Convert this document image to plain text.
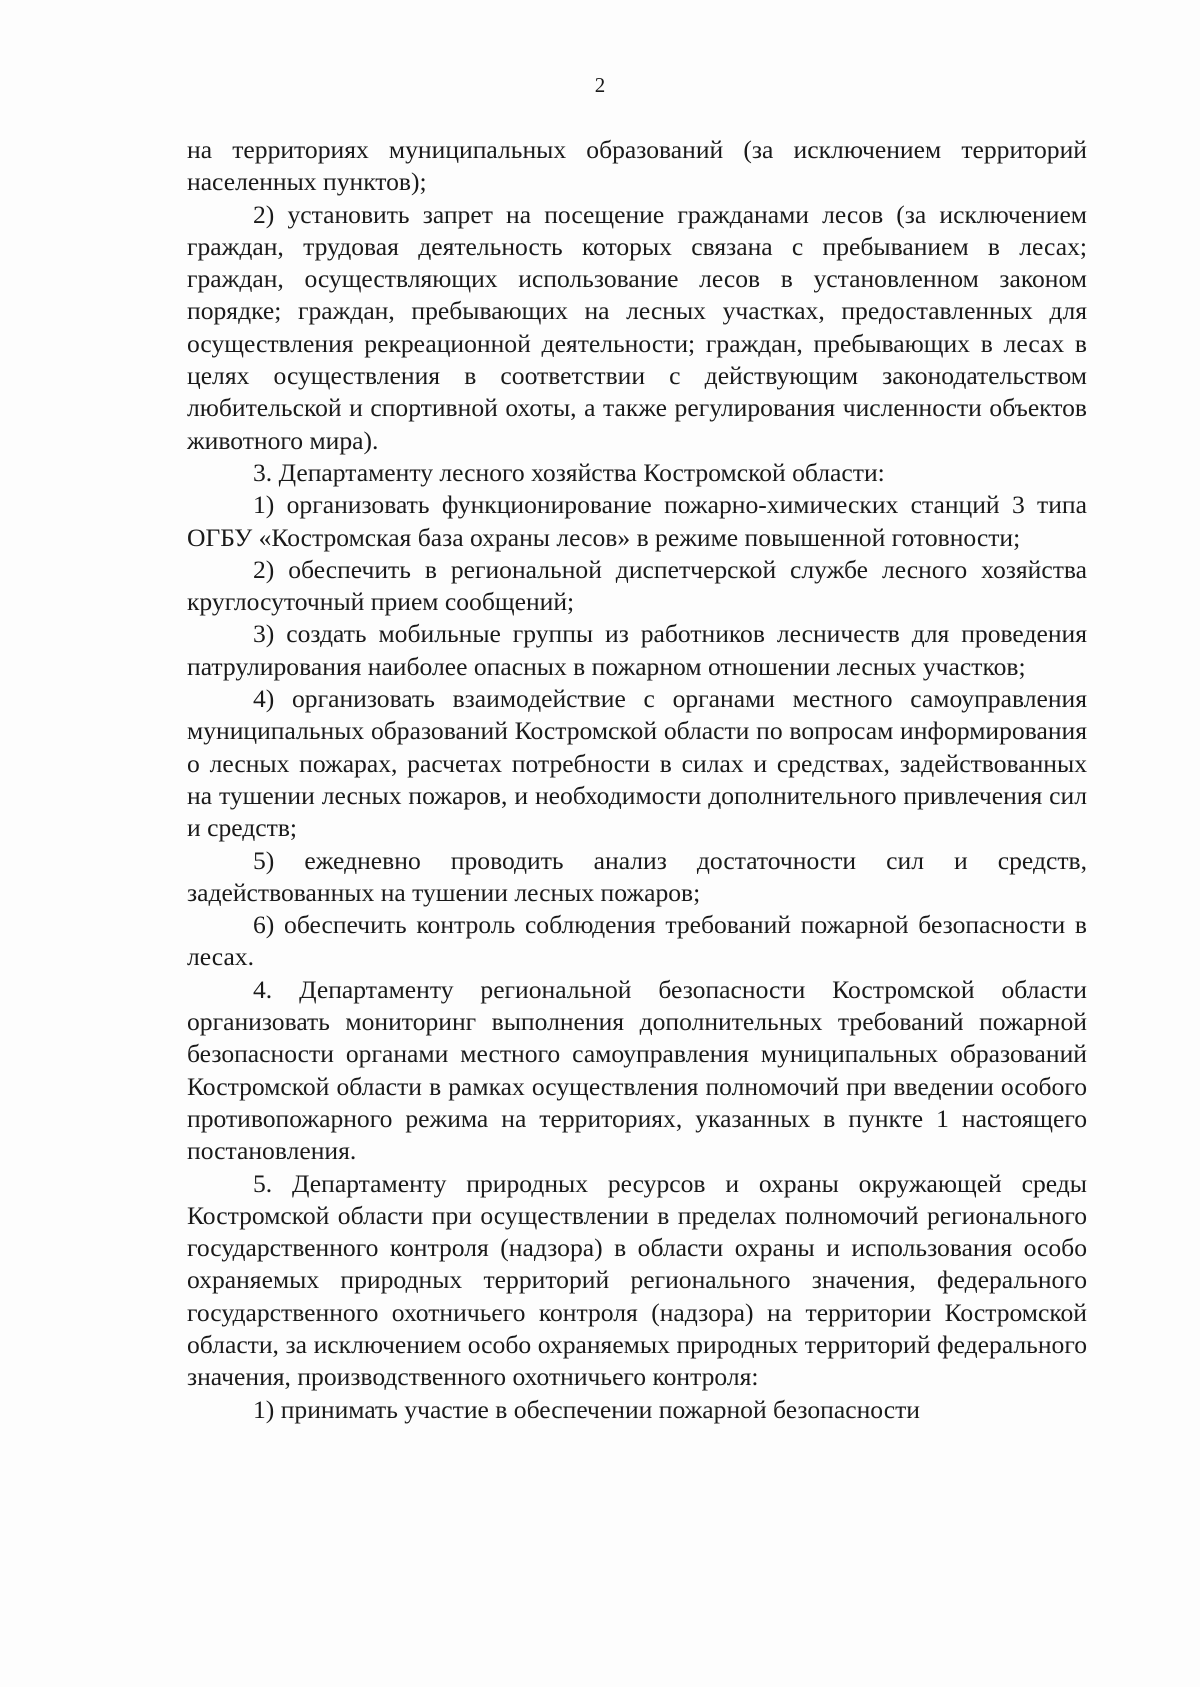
2

на территориях муниципальных образований (за исключением территорий населенных пунктов);

2) установить запрет на посещение гражданами лесов (за исключением граждан, трудовая деятельность которых связана с пребыванием в лесах; граждан, осуществляющих использование лесов в установленном законом порядке; граждан, пребывающих на лесных участках, предоставленных для осуществления рекреационной деятельности; граждан, пребывающих в лесах в целях осуществления в соответствии с действующим законодательством любительской и спортивной охоты, а также регулирования численности объектов животного мира).

3. Департаменту лесного хозяйства Костромской области:

1) организовать функционирование пожарно-химических станций 3 типа ОГБУ «Костромская база охраны лесов» в режиме повышенной готовности;

2) обеспечить в региональной диспетчерской службе лесного хозяйства круглосуточный прием сообщений;

3) создать мобильные группы из работников лесничеств для проведения патрулирования наиболее опасных в пожарном отношении лесных участков;

4) организовать взаимодействие с органами местного самоуправления муниципальных образований Костромской области по вопросам информирования о лесных пожарах, расчетах потребности в силах и средствах, задействованных на тушении лесных пожаров, и необходимости дополнительного привлечения сил и средств;

5) ежедневно проводить анализ достаточности сил и средств, задействованных на тушении лесных пожаров;

6) обеспечить контроль соблюдения требований пожарной безопасности в лесах.

4. Департаменту региональной безопасности Костромской области организовать мониторинг выполнения дополнительных требований пожарной безопасности органами местного самоуправления муниципальных образований Костромской области в рамках осуществления полномочий при введении особого противопожарного режима на территориях, указанных в пункте 1 настоящего постановления.

5. Департаменту природных ресурсов и охраны окружающей среды Костромской области при осуществлении в пределах полномочий регионального государственного контроля (надзора) в области охраны и использования особо охраняемых природных территорий регионального значения, федерального государственного охотничьего контроля (надзора) на территории Костромской области, за исключением особо охраняемых природных территорий федерального значения, производственного охотничьего контроля:

1) принимать участие в обеспечении пожарной безопасности
